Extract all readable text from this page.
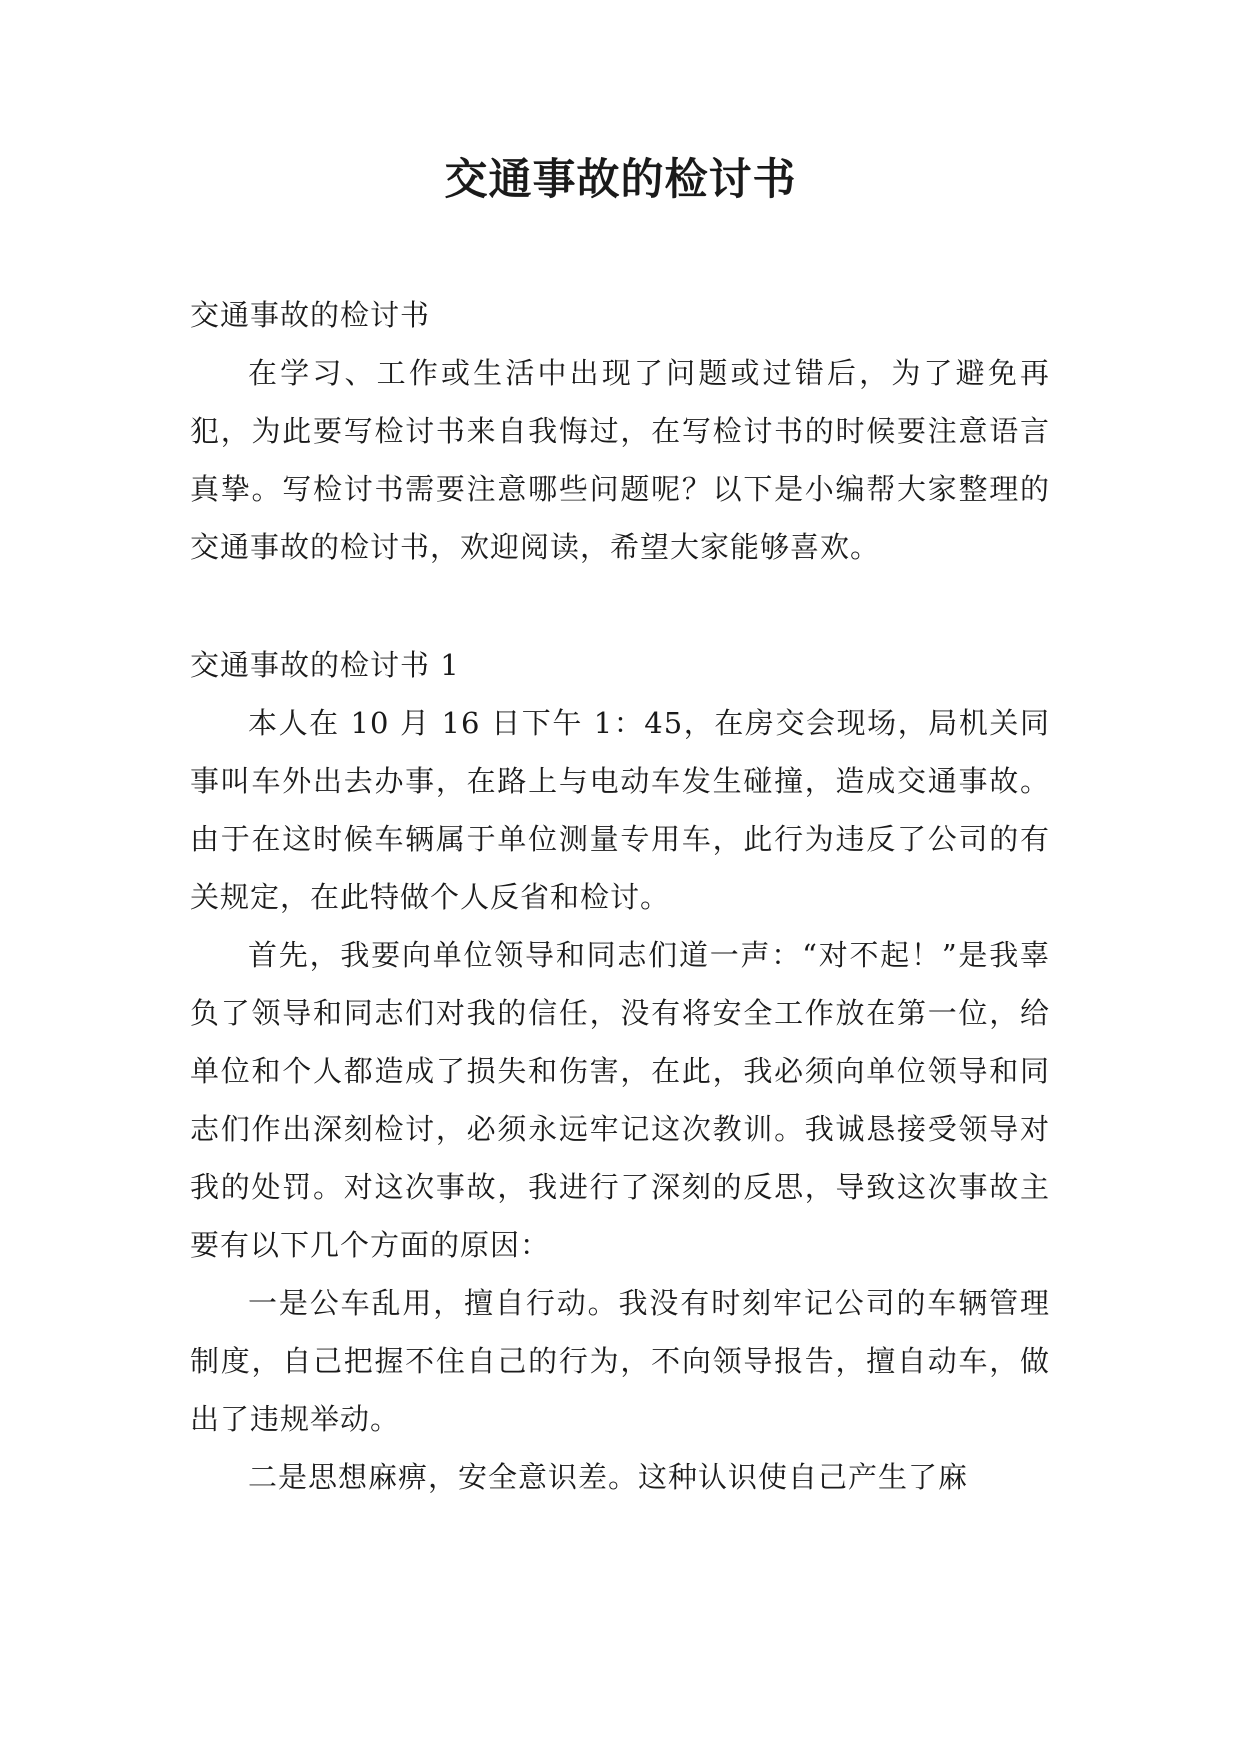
交通事故的检讨书

交通事故的检讨书

在学习、工作或生活中出现了问题或过错后，为了避免再犯，为此要写检讨书来自我悔过，在写检讨书的时候要注意语言真挚。写检讨书需要注意哪些问题呢？以下是小编帮大家整理的交通事故的检讨书，欢迎阅读，希望大家能够喜欢。

交通事故的检讨书 1

本人在 10 月 16 日下午 1：45，在房交会现场，局机关同事叫车外出去办事，在路上与电动车发生碰撞，造成交通事故。由于在这时候车辆属于单位测量专用车，此行为违反了公司的有关规定，在此特做个人反省和检讨。

首先，我要向单位领导和同志们道一声：“对不起！”是我辜负了领导和同志们对我的信任，没有将安全工作放在第一位，给单位和个人都造成了损失和伤害，在此，我必须向单位领导和同志们作出深刻检讨，必须永远牢记这次教训。我诚恳接受领导对我的处罚。对这次事故，我进行了深刻的反思，导致这次事故主要有以下几个方面的原因：

一是公车乱用，擅自行动。我没有时刻牢记公司的车辆管理制度，自己把握不住自己的行为，不向领导报告，擅自动车，做出了违规举动。

二是思想麻痹，安全意识差。这种认识使自己产生了麻
